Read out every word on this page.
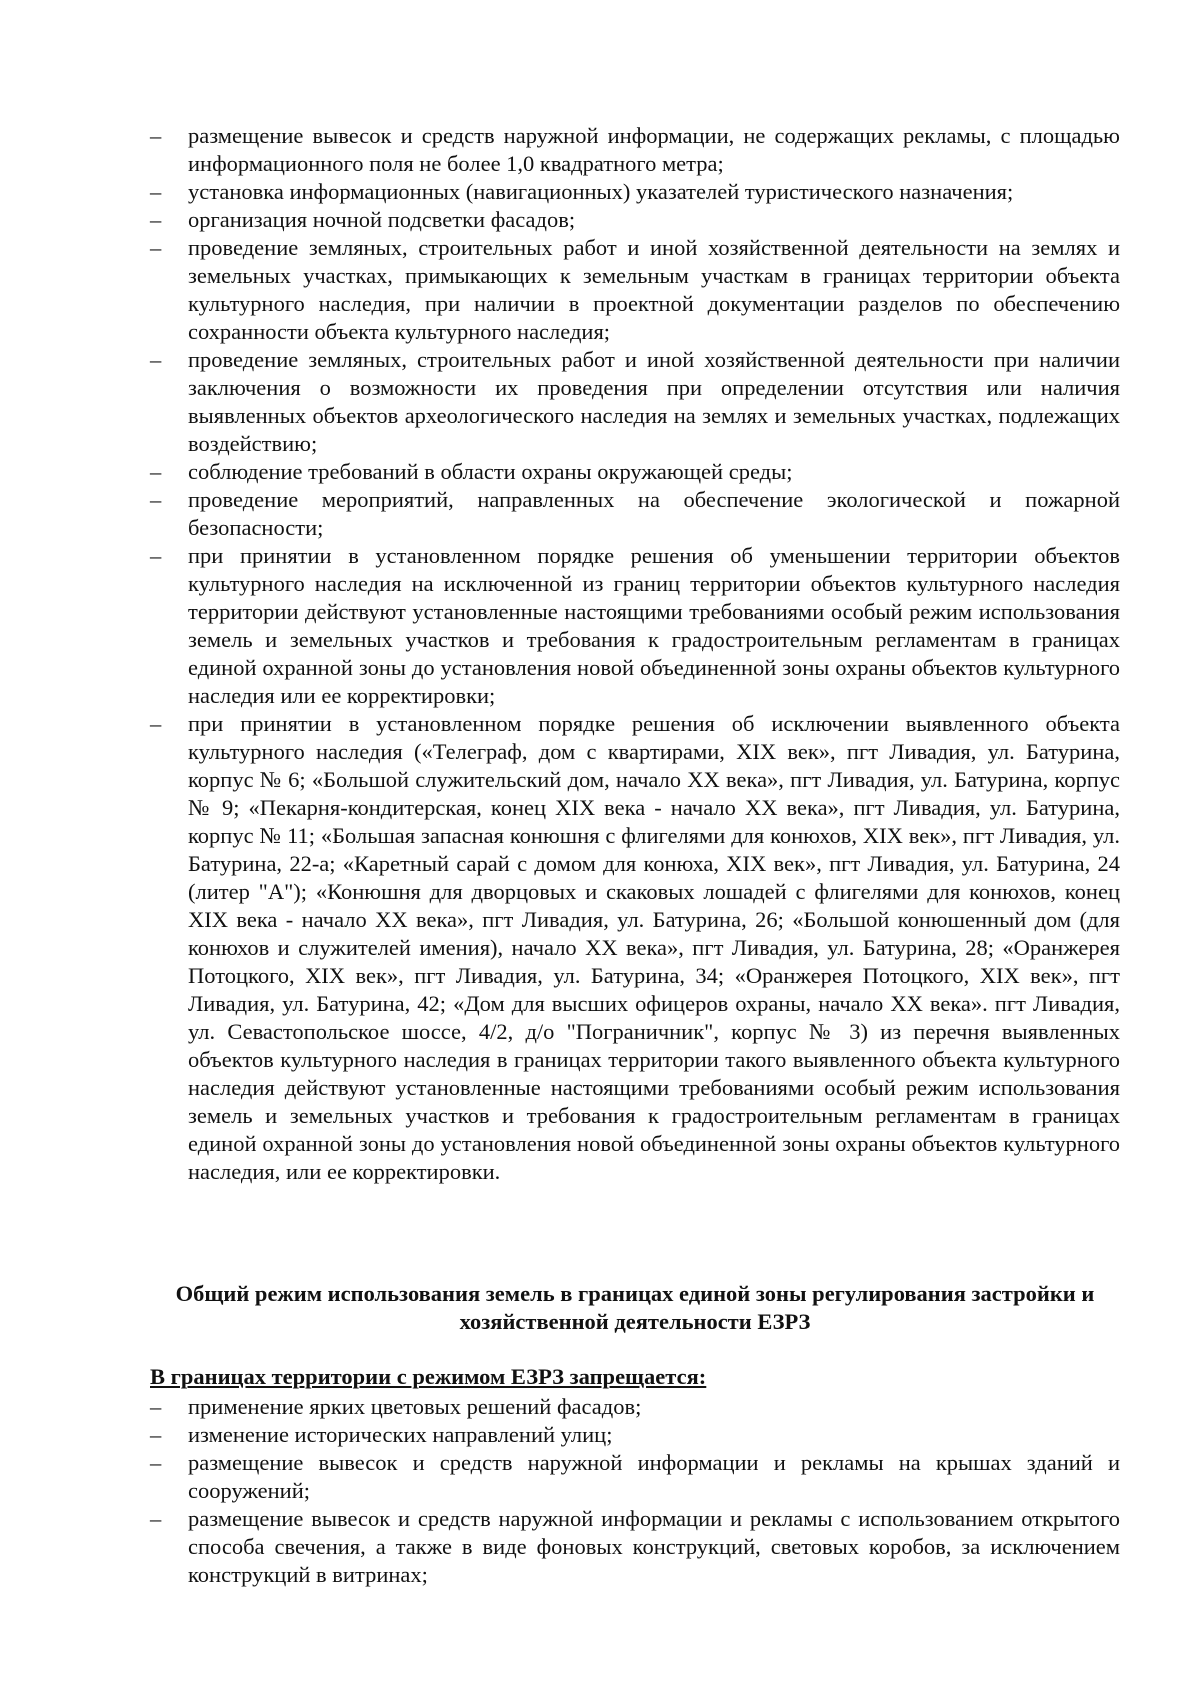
–	размещение вывесок и средств наружной информации, не содержащих рекламы, с площадью информационного поля не более 1,0 квадратного метра;
–	установка информационных (навигационных) указателей туристического назначения;
–	организация ночной подсветки фасадов;
–	проведение земляных, строительных работ и иной хозяйственной деятельности на землях и земельных участках, примыкающих к земельным участкам в границах территории объекта культурного наследия, при наличии в проектной документации разделов по обеспечению сохранности объекта культурного наследия;
–	проведение земляных, строительных работ и иной хозяйственной деятельности при наличии заключения о возможности их проведения при определении отсутствия или наличия выявленных объектов археологического наследия на землях и земельных участках, подлежащих воздействию;
–	соблюдение требований в области охраны окружающей среды;
–	проведение мероприятий, направленных на обеспечение экологической и пожарной безопасности;
–	при принятии в установленном порядке решения об уменьшении территории объектов культурного наследия на исключенной из границ территории объектов культурного наследия территории действуют установленные настоящими требованиями особый режим использования земель и земельных участков и требования к градостроительным регламентам в границах единой охранной зоны до установления новой объединенной зоны охраны объектов культурного наследия или ее корректировки;
–	при принятии в установленном порядке решения об исключении выявленного объекта культурного наследия («Телеграф, дом с квартирами, XIX век», пгт Ливадия, ул. Батурина, корпус № 6; «Большой служительский дом, начало XX века», пгт Ливадия, ул. Батурина, корпус № 9; «Пекарня-кондитерская, конец XIX века - начало XX века», пгт Ливадия, ул. Батурина, корпус № 11; «Большая запасная конюшня с флигелями для конюхов, XIX век», пгт Ливадия, ул. Батурина, 22-а; «Каретный сарай с домом для конюха, XIX век», пгт Ливадия, ул. Батурина, 24 (литер "А"); «Конюшня для дворцовых и скаковых лошадей с флигелями для конюхов, конец XIX века - начало XX века», пгт Ливадия, ул. Батурина, 26; «Большой конюшенный дом (для конюхов и служителей имения), начало XX века», пгт Ливадия, ул. Батурина, 28; «Оранжерея Потоцкого, XIX век», пгт Ливадия, ул. Батурина, 34; «Оранжерея Потоцкого, XIX век», пгт Ливадия, ул. Батурина, 42; «Дом для высших офицеров охраны, начало XX века». пгт Ливадия, ул. Севастопольское шоссе, 4/2, д/о "Пограничник", корпус № 3) из перечня выявленных объектов культурного наследия в границах территории такого выявленного объекта культурного наследия действуют установленные настоящими требованиями особый режим использования земель и земельных участков и требования к градостроительным регламентам в границах единой охранной зоны до установления новой объединенной зоны охраны объектов культурного наследия, или ее корректировки.
Общий режим использования земель в границах единой зоны регулирования застройки и хозяйственной деятельности ЕЗРЗ

В границах территории с режимом ЕЗРЗ запрещается:

–	применение ярких цветовых решений фасадов;
–	изменение исторических направлений улиц;
–	размещение вывесок и средств наружной информации и рекламы на крышах зданий и сооружений;
–	размещение вывесок и средств наружной информации и рекламы с использованием открытого способа свечения, а также в виде фоновых конструкций, световых коробов, за исключением конструкций в витринах;
